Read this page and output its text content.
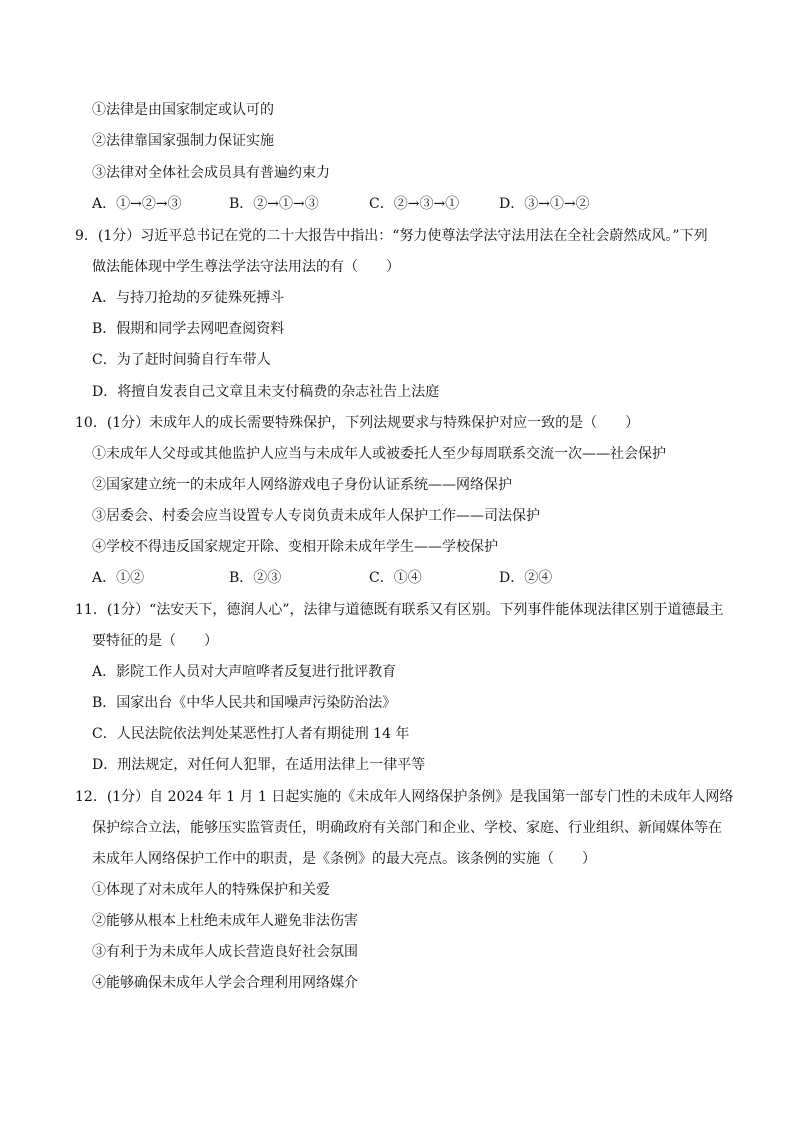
①法律是由国家制定或认可的
②法律靠国家强制力保证实施
③法律对全体社会成员具有普遍约束力
A．①→②→③	B．②→①→③	C．②→③→①	D．③→①→②
9．(1分）习近平总书记在党的二十大报告中指出：“努力使尊法学法守法用法在全社会蔚然成风。”下列
做法能体现中学生尊法学法守法用法的有（　　）
A．与持刀抢劫的歹徒殊死搏斗
B．假期和同学去网吧查阅资料
C．为了赶时间骑自行车带人
D．将擅自发表自己文章且未支付稿费的杂志社告上法庭
10．(1分）未成年人的成长需要特殊保护，下列法规要求与特殊保护对应一致的是（　　）
①未成年人父母或其他监护人应当与未成年人或被委托人至少每周联系交流一次——社会保护
②国家建立统一的未成年人网络游戏电子身份认证系统——网络保护
③居委会、村委会应当设置专人专岗负责未成年人保护工作——司法保护
④学校不得违反国家规定开除、变相开除未成年学生——学校保护
A．①②	B．②③	C．①④	D．②④
11．(1分）“法安天下，德润人心”，法律与道德既有联系又有区别。下列事件能体现法律区别于道德最主
要特征的是（　　）
A．影院工作人员对大声喧哗者反复进行批评教育
B．国家出台《中华人民共和国噪声污染防治法》
C．人民法院依法判处某恶性打人者有期徒刑 14 年
D．刑法规定，对任何人犯罪，在适用法律上一律平等
12．(1分）自 2024 年 1 月 1 日起实施的《未成年人网络保护条例》是我国第一部专门性的未成年人网络
保护综合立法，能够压实监管责任，明确政府有关部门和企业、学校、家庭、行业组织、新闻媒体等在
未成年人网络保护工作中的职责，是《条例》的最大亮点。该条例的实施（　　）
①体现了对未成年人的特殊保护和关爱
②能够从根本上杜绝未成年人避免非法伤害
③有利于为未成年人成长营造良好社会氛围
④能够确保未成年人学会合理利用网络媒介
